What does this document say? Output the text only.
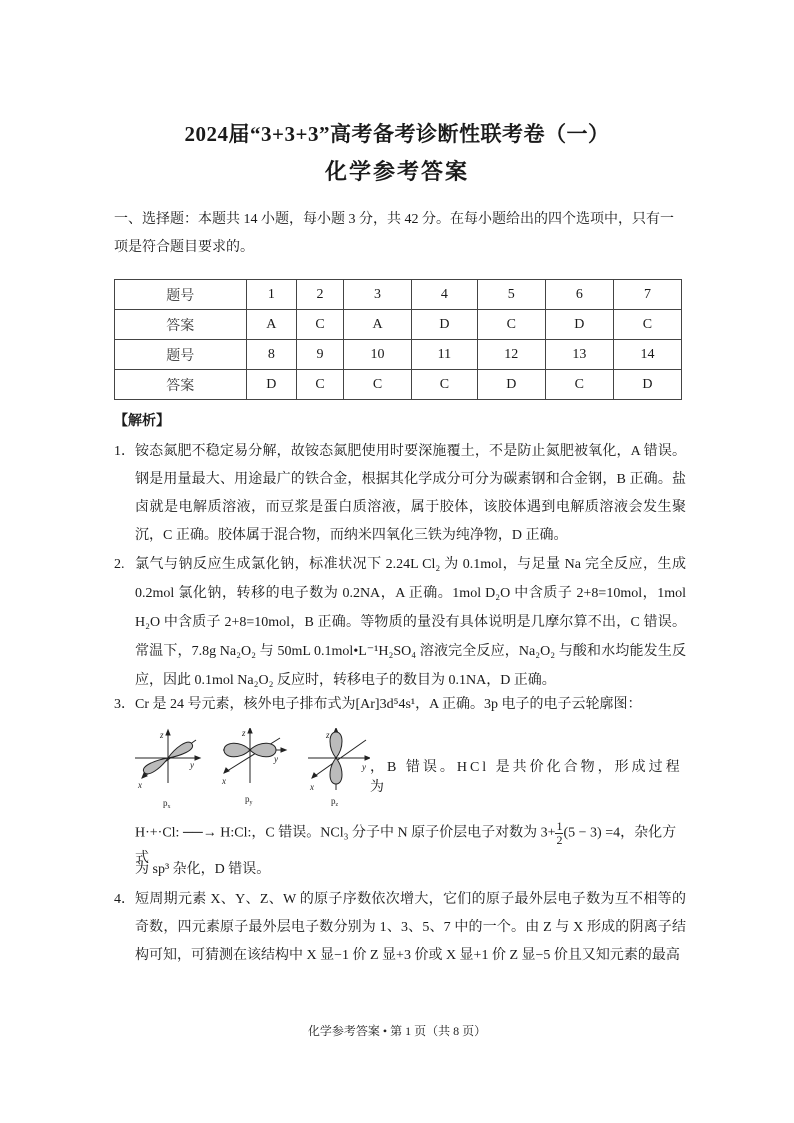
2024届“3+3+3”高考备考诊断性联考卷（一）
化学参考答案
一、选择题：本题共 14 小题，每小题 3 分，共 42 分。在每小题给出的四个选项中，只有一项是符合题目要求的。
题号	1	2	3	4	5	6	7
答案	A	C	A	D	C	D	C
题号	8	9	10	11	12	13	14
答案	D	C	C	C	D	C	D
【解析】
1． 铵态氮肥不稳定易分解，故铵态氮肥使用时要深施覆土，不是防止氮肥被氧化，A 错误。钢是用量最大、用途最广的铁合金，根据其化学成分可分为碳素钢和合金钢，B 正确。盐卤就是电解质溶液，而豆浆是蛋白质溶液，属于胶体，该胶体遇到电解质溶液会发生聚沉，C 正确。胶体属于混合物，而纳米四氧化三铁为纯净物，D 正确。
2. 氯气与钠反应生成氯化钠，标准状况下 2.24L Cl₂ 为 0.1mol，与足量 Na 完全反应，生成 0.2mol 氯化钠，转移的电子数为 0.2NA，A 正确。1mol D₂O 中含质子 2+8=10mol，1mol H₂O 中含质子 2+8=10mol，B 正确。等物质的量没有具体说明是几摩尔算不出，C 错误。常温下，7.8g Na₂O₂ 与 50mL 0.1mol•L⁻¹H₂SO₄ 溶液完全反应，Na₂O₂ 与酸和水均能发生反应，因此 0.1mol Na₂O₂ 反应时，转移电子的数目为 0.1NA，D 正确。
3． Cr 是 24 号元素，核外电子排布式为[Ar]3d⁵4s¹，A 正确。3p 电子的电子云轮廓图：
z
y
x
$p_x$
z
y
x
$p_y$
z
y
x
$p_z$
，B 错误。HCl 是共价化合物，形成过程为
H·+·Cl: ──→ H:Cl:，C 错误。NCl₃ 分子中 N 原子价层电子对数为 $3+ \frac{1}{2} (5 - 3) =4$，杂化方式
为 sp³ 杂化，D 错误。
4． 短周期元素 X、Y、Z、W 的原子序数依次增大，它们的原子最外层电子数为互不相等的奇数，四元素原子最外层电子数分别为 1、3、5、7 中的一个。由 Z 与 X 形成的阴离子结构可知，可猜测在该结构中 X 显−1 价 Z 显+3 价或 X 显+1 价 Z 显−5 价且又知元素的最高
化学参考答案 • 第 1 页（共 8 页）
